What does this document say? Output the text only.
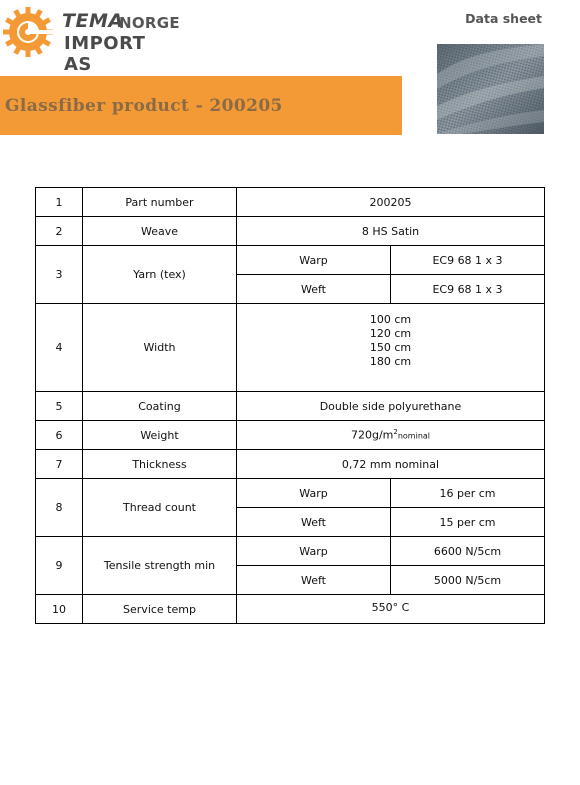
TEMA
NORGE
IMPORT AS
Data sheet
Glassfiber product - 200205
1	Part number	200205	
2	Weave	8 HS Satin	
3	Yarn (tex)	Warp	EC9 68 1 x 3
		Weft	EC9 68 1 x 3
4	Width	100 cm
120 cm
150 cm
180 cm	

5	Coating	Double side polyurethane	
6	Weight	$720g/m^2nominal$	
7	Thickness	0,72 mm nominal	
8	Thread count	Warp	16 per cm
		Weft	15 per cm
9	Tensile strength min	Warp	6600 N/5cm
		Weft	5000 N/5cm
10	Service temp	550° C	
